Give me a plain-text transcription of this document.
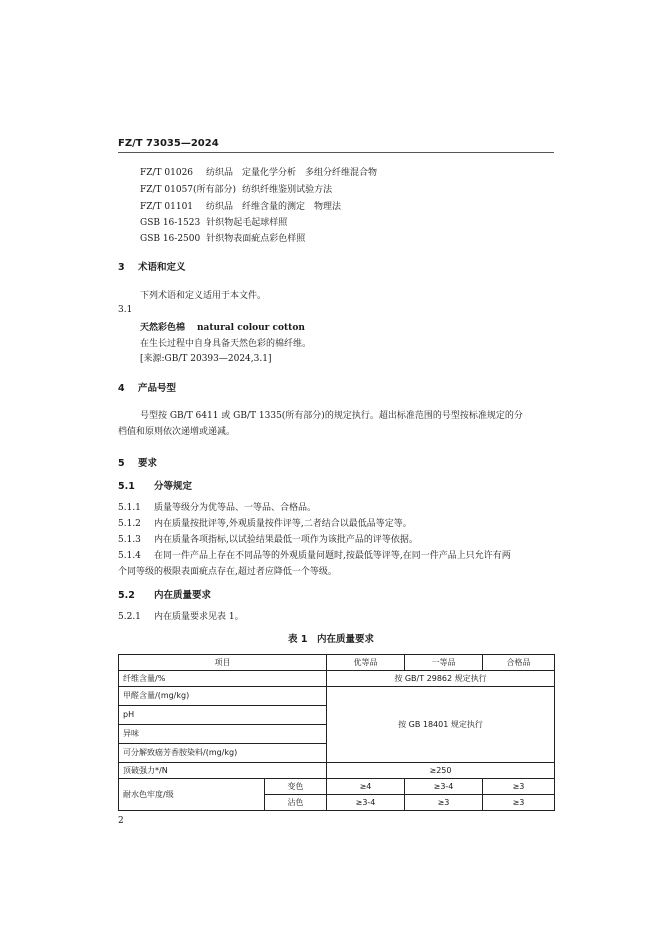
FZ/T 73035—2024
FZ/T 01026 纺织品　定量化学分析　多组分纤维混合物
FZ/T 01057(所有部分) 纺织纤维鉴别试验方法
FZ/T 01101 纺织品　纤维含量的测定　物理法
GSB 16-1523 针织物起毛起球样照
GSB 16-2500 针织物表面疵点彩色样照
3 术语和定义
下列术语和定义适用于本文件。
3.1
天然彩色棉 natural colour cotton
在生长过程中自身具备天然色彩的棉纤维。
[来源:GB/T 20393—2024,3.1]
4 产品号型
号型按 GB/T 6411 或 GB/T 1335(所有部分)的规定执行。超出标准范围的号型按标准规定的分
档值和原则依次递增或递减。
5 要求
5.1 分等规定
5.1.1 质量等级分为优等品、一等品、合格品。
5.1.2 内在质量按批评等,外观质量按件评等,二者结合以最低品等定等。
5.1.3 内在质量各项指标,以试验结果最低一项作为该批产品的评等依据。
5.1.4 在同一件产品上存在不同品等的外观质量问题时,按最低等评等,在同一件产品上只允许有两
个同等级的极限表面疵点存在,超过者应降低一个等级。
5.2 内在质量要求
5.2.1 内在质量要求见表 1。
表 1　内在质量要求
项目		优等品	一等品	合格品
纤维含量/%		按 GB/T 29862 规定执行		
甲醛含量/(mg/kg)		按 GB 18401 规定执行		
pH				
异味				
可分解致癌芳香胺染料/(mg/kg)				
顶破强力*/N		≥250		
耐水色牢度/级	变色	≥4	≥3-4	≥3
	沾色	≥3-4	≥3	≥3
2
